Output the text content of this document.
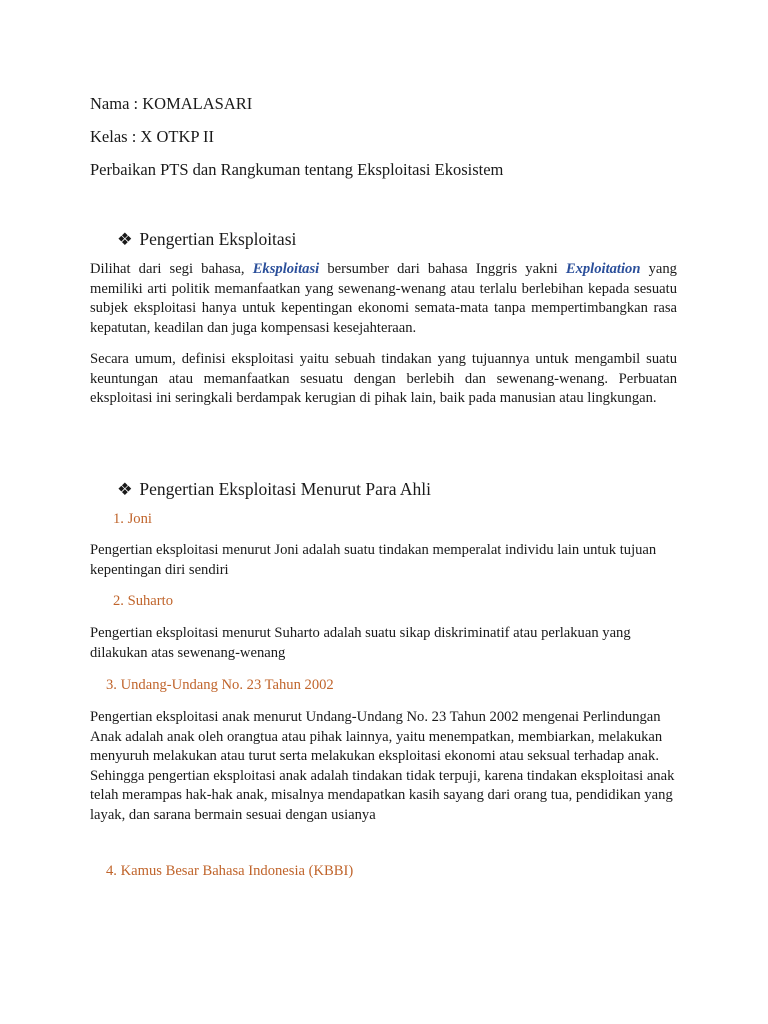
Nama : KOMALASARI
Kelas : X OTKP II
Perbaikan PTS dan Rangkuman tentang Eksploitasi Ekosistem
❖ Pengertian Eksploitasi
Dilihat dari segi bahasa, Eksploitasi bersumber dari bahasa Inggris yakni Exploitation yang memiliki arti politik memanfaatkan yang sewenang-wenang atau terlalu berlebihan kepada sesuatu subjek eksploitasi hanya untuk kepentingan ekonomi semata-mata tanpa mempertimbangkan rasa kepatutan, keadilan dan juga kompensasi kesejahteraan.
Secara umum, definisi eksploitasi yaitu sebuah tindakan yang tujuannya untuk mengambil suatu keuntungan atau memanfaatkan sesuatu dengan berlebih dan sewenang-wenang. Perbuatan eksploitasi ini seringkali berdampak kerugian di pihak lain, baik pada manusian atau lingkungan.
❖ Pengertian Eksploitasi Menurut Para Ahli
1. Joni
Pengertian eksploitasi menurut Joni adalah suatu tindakan memperalat individu lain untuk tujuan kepentingan diri sendiri
2. Suharto
Pengertian eksploitasi menurut Suharto adalah suatu sikap diskriminatif atau perlakuan yang dilakukan atas sewenang-wenang
3. Undang-Undang No. 23 Tahun 2002
Pengertian eksploitasi anak menurut Undang-Undang No. 23 Tahun 2002 mengenai Perlindungan Anak adalah anak oleh orangtua atau pihak lainnya, yaitu menempatkan, membiarkan, melakukan menyuruh melakukan atau turut serta melakukan eksploitasi ekonomi atau seksual terhadap anak. Sehingga pengertian eksploitasi anak adalah tindakan tidak terpuji, karena tindakan eksploitasi anak telah merampas hak-hak anak, misalnya mendapatkan kasih sayang dari orang tua, pendidikan yang layak, dan sarana bermain sesuai dengan usianya
4. Kamus Besar Bahasa Indonesia (KBBI)
